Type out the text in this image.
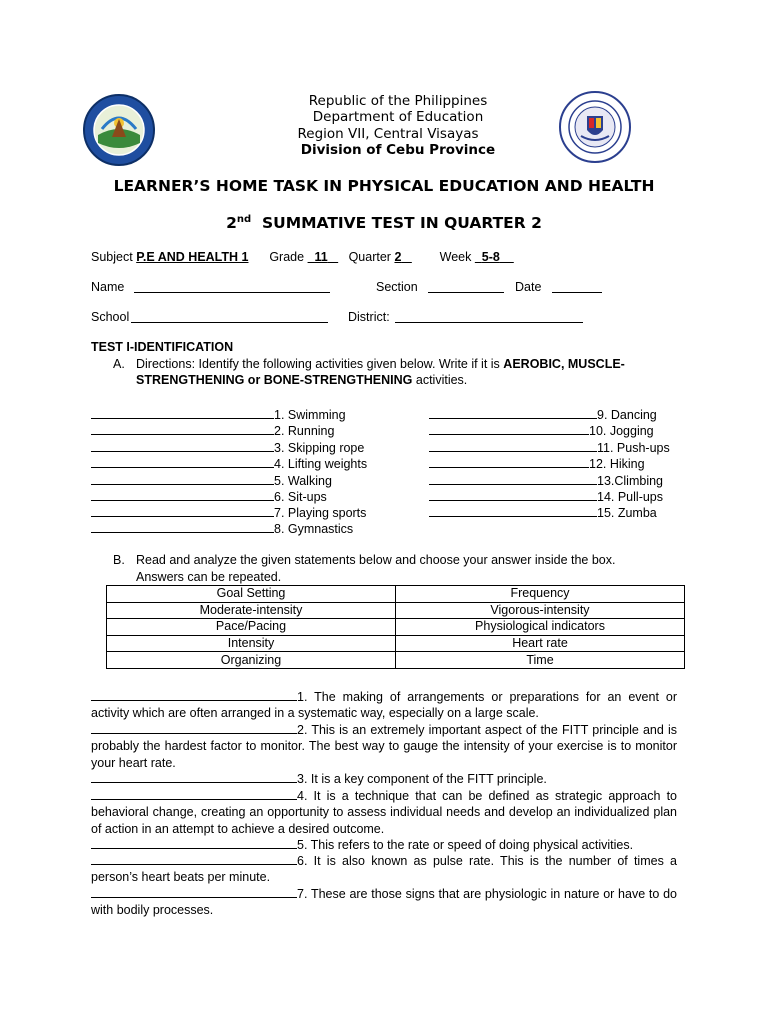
Republic of the Philippines
Department of Education
Region VII, Central Visayas
Division of Cebu Province
LEARNER’S HOME TASK IN PHYSICAL EDUCATION AND HEALTH
2nd SUMMATIVE TEST IN QUARTER 2
Subject P.E AND HEALTH 1 Grade 11 Quarter 2	Week 5-8
Name	Section	Date
School	District:
TEST I-IDENTIFICATION
A. Directions: Identify the following activities given below. Write if it is AEROBIC, MUSCLE-
STRENGTHENING or BONE-STRENGTHENING activities.
1. Swimming
2. Running
3. Skipping rope
4. Lifting weights
5. Walking
6. Sit-ups
7. Playing sports
8. Gymnastics
9. Dancing
10. Jogging
11. Push-ups
12. Hiking
13.Climbing
14. Pull-ups
15. Zumba
B. Read and analyze the given statements below and choose your answer inside the box.
Answers can be repeated.
Goal Setting	Frequency
Moderate-intensity	Vigorous-intensity
Pace/Pacing	Physiological indicators
Intensity	Heart rate
Organizing	Time
1. The making of arrangements or preparations for an event or activity which are often arranged in a systematic way, especially on a large scale.
2. This is an extremely important aspect of the FITT principle and is probably the hardest factor to monitor. The best way to gauge the intensity of your exercise is to monitor your heart rate.
3. It is a key component of the FITT principle.
4. It is a technique that can be defined as strategic approach to behavioral change, creating an opportunity to assess individual needs and develop an individualized plan of action in an attempt to achieve a desired outcome.
5. This refers to the rate or speed of doing physical activities.
6. It is also known as pulse rate. This is the number of times a person’s heart beats per minute.
7. These are those signs that are physiologic in nature or have to do with bodily processes.
